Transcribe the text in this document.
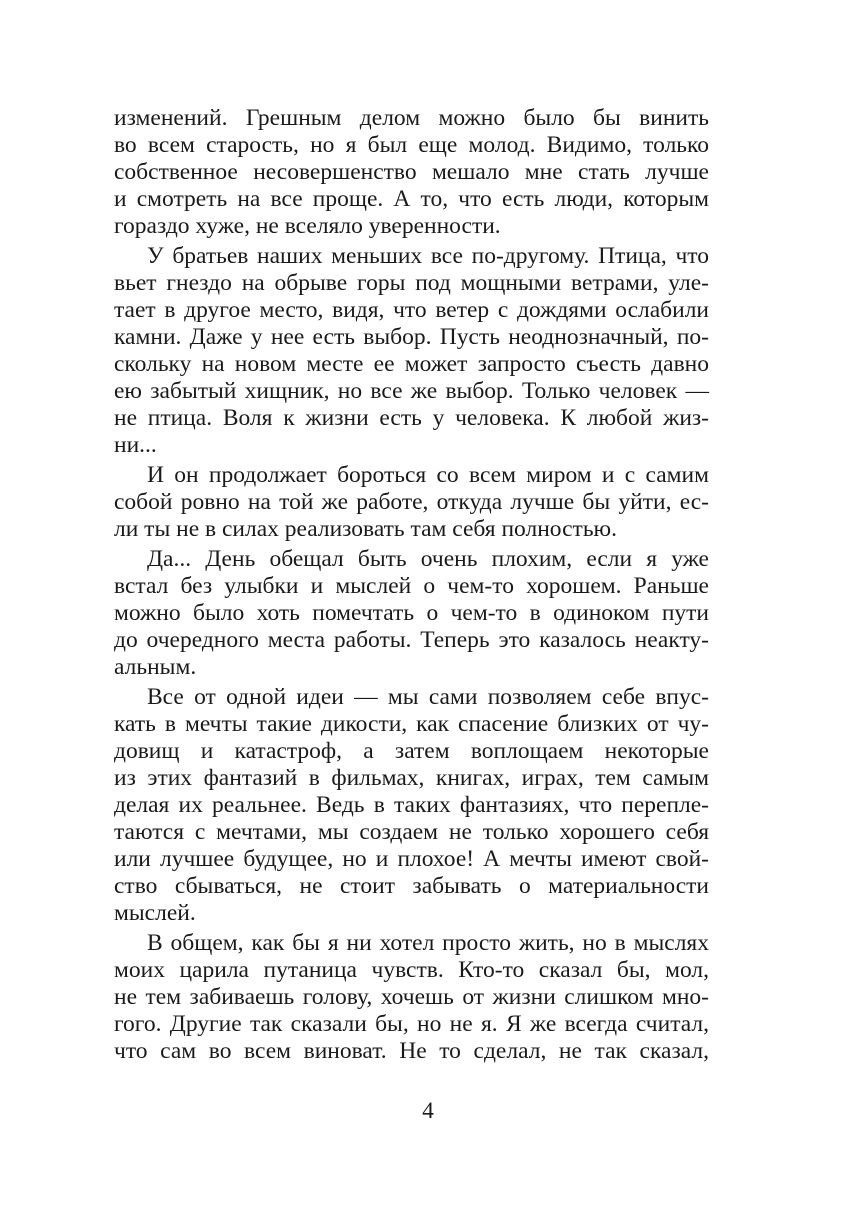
изменений. Грешным делом можно было бы винить
во всем старость, но я был еще молод. Видимо, только
собственное несовершенство мешало мне стать лучше
и смотреть на все проще. А то, что есть люди, которым
гораздо хуже, не вселяло уверенности.
У братьев наших меньших все по-другому. Птица, что
вьет гнездо на обрыве горы под мощными ветрами, уле-
тает в другое место, видя, что ветер с дождями ослабили
камни. Даже у нее есть выбор. Пусть неоднозначный, по-
скольку на новом месте ее может запросто съесть давно
ею забытый хищник, но все же выбор. Только человек —
не птица. Воля к жизни есть у человека. К любой жиз-
ни...
И он продолжает бороться со всем миром и с самим
собой ровно на той же работе, откуда лучше бы уйти, ес-
ли ты не в силах реализовать там себя полностью.
Да... День обещал быть очень плохим, если я уже
встал без улыбки и мыслей о чем-то хорошем. Раньше
можно было хоть помечтать о чем-то в одиноком пути
до очередного места работы. Теперь это казалось неакту-
альным.
Все от одной идеи — мы сами позволяем себе впус-
кать в мечты такие дикости, как спасение близких от чу-
довищ и катастроф, а затем воплощаем некоторые
из этих фантазий в фильмах, книгах, играх, тем самым
делая их реальнее. Ведь в таких фантазиях, что перепле-
таются с мечтами, мы создаем не только хорошего себя
или лучшее будущее, но и плохое! А мечты имеют свой-
ство сбываться, не стоит забывать о материальности
мыслей.
В общем, как бы я ни хотел просто жить, но в мыслях
моих царила путаница чувств. Кто-то сказал бы, мол,
не тем забиваешь голову, хочешь от жизни слишком мно-
гого. Другие так сказали бы, но не я. Я же всегда считал,
что сам во всем виноват. Не то сделал, не так сказал,
4
